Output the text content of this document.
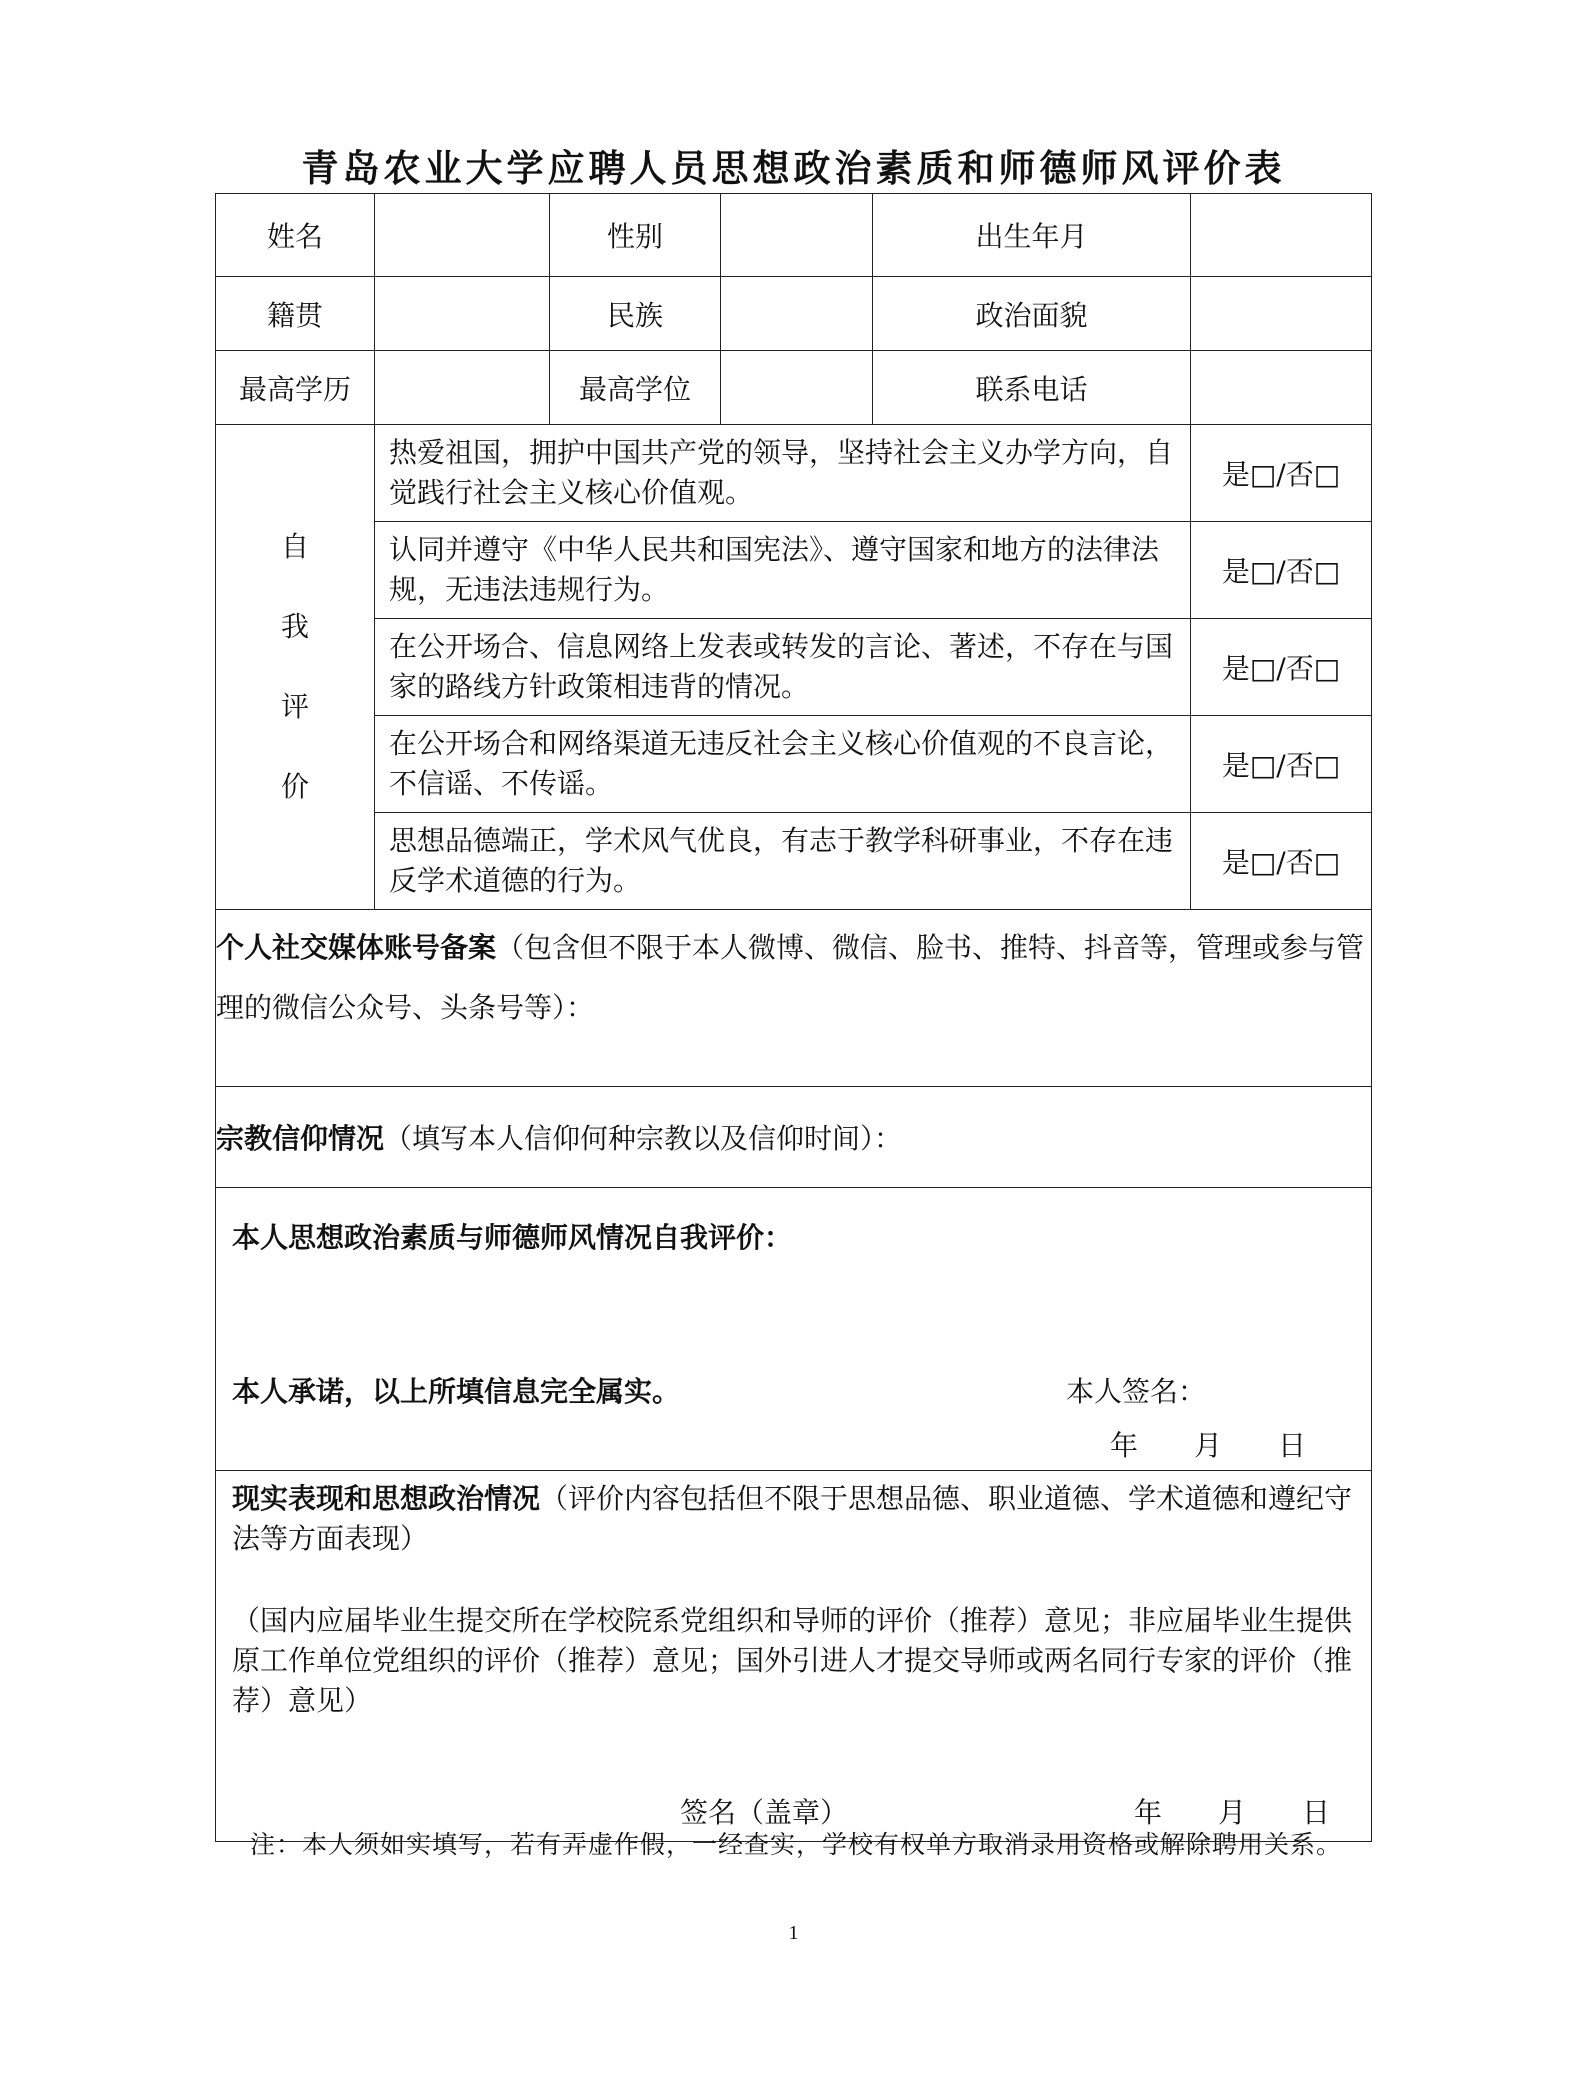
青岛农业大学应聘人员思想政治素质和师德师风评价表
姓名		性别		出生年月	
籍贯		民族		政治面貌	
最高学历		最高学位		联系电话	

自
我
评
价	热爱祖国，拥护中国共产党的领导，坚持社会主义办学方向，自觉践行社会主义核心价值观。				是□/否□
	认同并遵守《中华人民共和国宪法》、遵守国家和地方的法律法规，无违法违规行为。				是□/否□
	在公开场合、信息网络上发表或转发的言论、著述，不存在与国家的路线方针政策相违背的情况。				是□/否□
	在公开场合和网络渠道无违反社会主义核心价值观的不良言论，不信谣、不传谣。				是□/否□
	思想品德端正，学术风气优良，有志于教学科研事业，不存在违反学术道德的行为。				是□/否□
个人社交媒体账号备案（包含但不限于本人微博、微信、脸书、推特、抖音等，管理或参与管理的微信公众号、头条号等）：					
宗教信仰情况（填写本人信仰何种宗教以及信仰时间）：					

本人思想政治素质与师德师风情况自我评价：
本人承诺，以上所填信息完全属实。 本人签名：
年　　月　　日					

现实表现和思想政治情况（评价内容包括但不限于思想品德、职业道德、学术道德和遵纪守法等方面表现）
（国内应届毕业生提交所在学校院系党组织和导师的评价（推荐）意见；非应届毕业生提供原工作单位党组织的评价（推荐）意见；国外引进人才提交导师或两名同行专家的评价（推荐）意见）
签名（盖章） 年　　月　　日					
注：本人须如实填写，若有弄虚作假，一经查实，学校有权单方取消录用资格或解除聘用关系。
1
